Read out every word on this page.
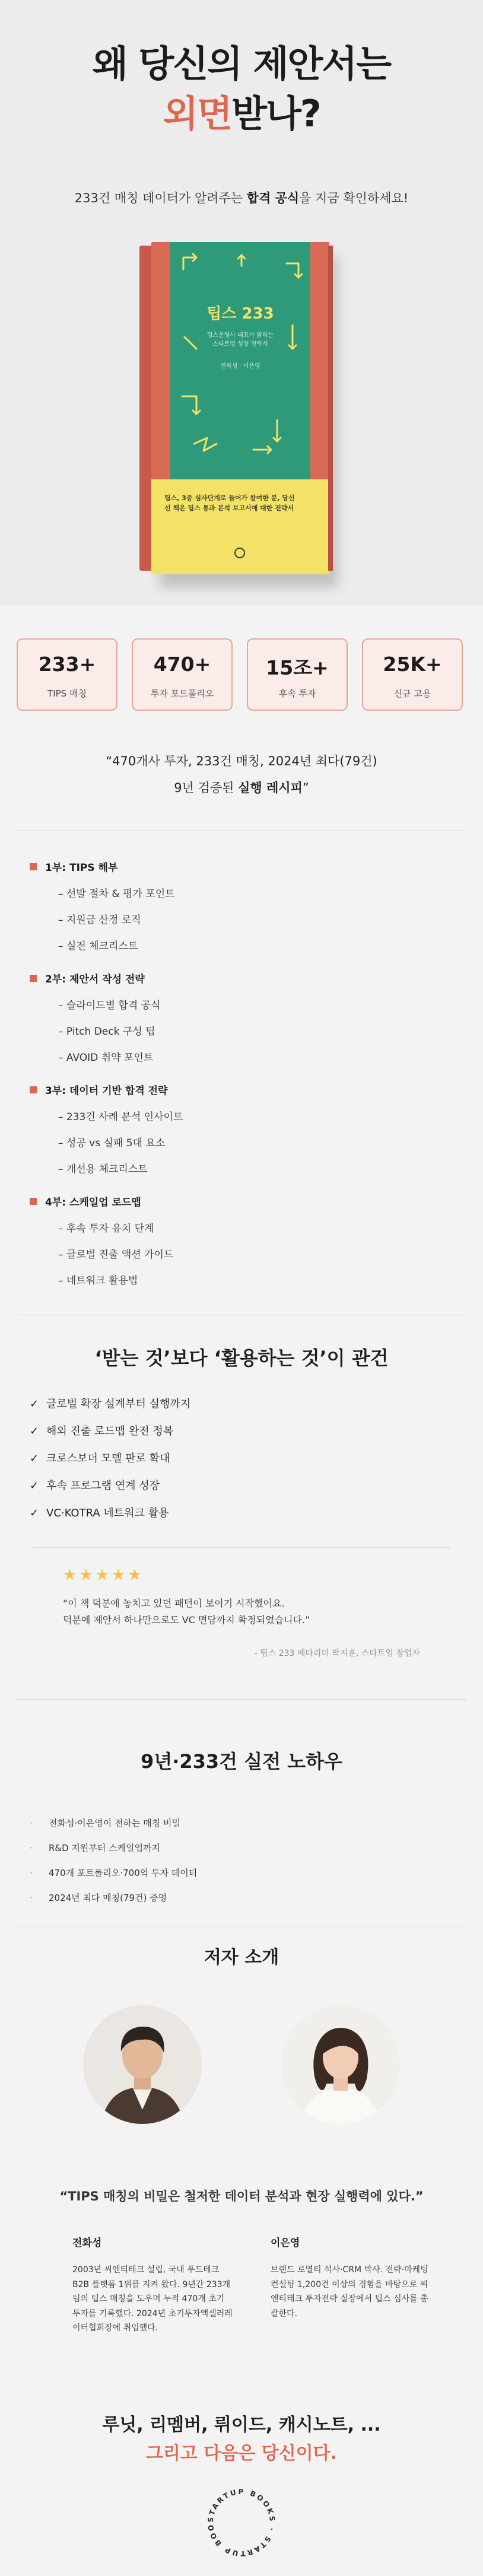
왜 당신의 제안서는
외면받나?

233건 매칭 데이터가 알려주는 합격 공식을 지금 확인하세요!

팁스 233
팁스운영사 대표가 밝히는
스타트업 성장 전략서
전화성 · 이은영
팁스, 3중 심사단계로 들어가 참여한 분, 당신
선 책은 팁스 통과 분석 보고서에 대한 전략서
233+
TIPS 매칭
470+
투자 포트폴리오
15조+
후속 투자
25K+
신규 고용

“470개사 투자, 233건 매칭, 2024년 최다(79건)

9년 검증된 실행 레시피”

1부: TIPS 해부
– 선발 절차 & 평가 포인트
– 지원금 산정 로직
– 실전 체크리스트
2부: 제안서 작성 전략
– 슬라이드별 합격 공식
– Pitch Deck 구성 팁
– AVOID 취약 포인트
3부: 데이터 기반 합격 전략
– 233건 사례 분석 인사이트
– 성공 vs 실패 5대 요소
– 개선용 체크리스트
4부: 스케일업 로드맵
– 후속 투자 유치 단계
– 글로벌 진출 액션 가이드
– 네트워크 활용법
‘받는 것’보다 ‘활용하는 것’이 관건
✓ 글로벌 확장 설계부터 실행까지
✓ 해외 진출 로드맵 완전 정복
✓ 크로스보더 모델 판로 확대
✓ 후속 프로그램 연계 성장
✓ VC·KOTRA 네트워크 활용
★★★★★
“이 책 덕분에 놓치고 있던 패턴이 보이기 시작했어요.
덕분에 제안서 하나만으로도 VC 면담까지 확정되었습니다.”
- 팁스 233 베타리더 박지훈, 스타트업 창업자
9년·233건 실전 노하우
· 전화성·이은영이 전하는 매칭 비밀
· R&D 지원부터 스케일업까지
· 470개 포트폴리오·700억 투자 데이터
· 2024년 최다 매칭(79건) 증명
저자 소개

“TIPS 매칭의 비밀은 철저한 데이터 분석과 현장 실행력에 있다.”

전화성
2003년 씨엔티테크 설립, 국내 푸드테크 B2B 플랫폼 1위를 지켜 왔다. 9년간 233개 팀의 팁스 매칭을 도우며 누적 470개 초기 투자를 기록했다. 2024년 초기투자액셀러레이터협회장에 취임했다.
이은영
브랜드 로열티 석사·CRM 박사. 전략·마케팅 컨설팅 1,200건 이상의 경험을 바탕으로 씨엔티테크 투자전략 실장에서 팁스 심사를 총괄한다.

루닛, 리멤버, 뤼이드, 캐시노트, ...

그리고 다음은 당신이다.

STARTUP BOOKS · STARTUP BOO
